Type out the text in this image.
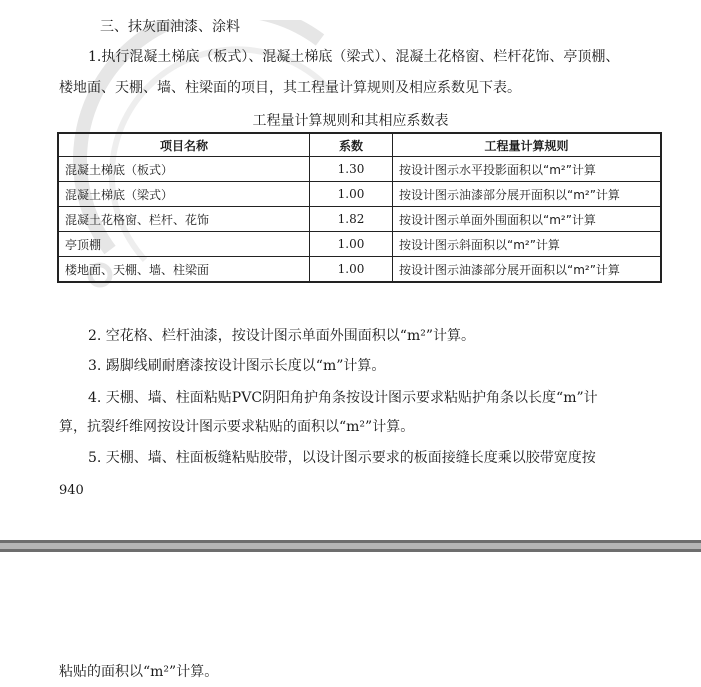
三、抹灰面油漆、涂料
1.执行混凝土梯底（板式）、混凝土梯底（梁式）、混凝土花格窗、栏杆花饰、亭顶棚、
楼地面、天棚、墙、柱梁面的项目，其工程量计算规则及相应系数见下表。
工程量计算规则和其相应系数表
项目名称	系数	工程量计算规则
混凝土梯底（板式）	1.30	按设计图示水平投影面积以“m²”计算
混凝土梯底（梁式）	1.00	按设计图示油漆部分展开面积以“m²”计算
混凝土花格窗、栏杆、花饰	1.82	按设计图示单面外围面积以“m²”计算
亭顶棚	1.00	按设计图示斜面积以“m²”计算
楼地面、天棚、墙、柱梁面	1.00	按设计图示油漆部分展开面积以“m²”计算
2. 空花格、栏杆油漆，按设计图示单面外围面积以“m²”计算。
3. 踢脚线刷耐磨漆按设计图示长度以“m”计算。
4. 天棚、墙、柱面粘贴PVC阴阳角护角条按设计图示要求粘贴护角条以长度“m”计
算，抗裂纤维网按设计图示要求粘贴的面积以“m²”计算。
5. 天棚、墙、柱面板缝粘贴胶带，以设计图示要求的板面接缝长度乘以胶带宽度按
940
粘贴的面积以“m²”计算。
